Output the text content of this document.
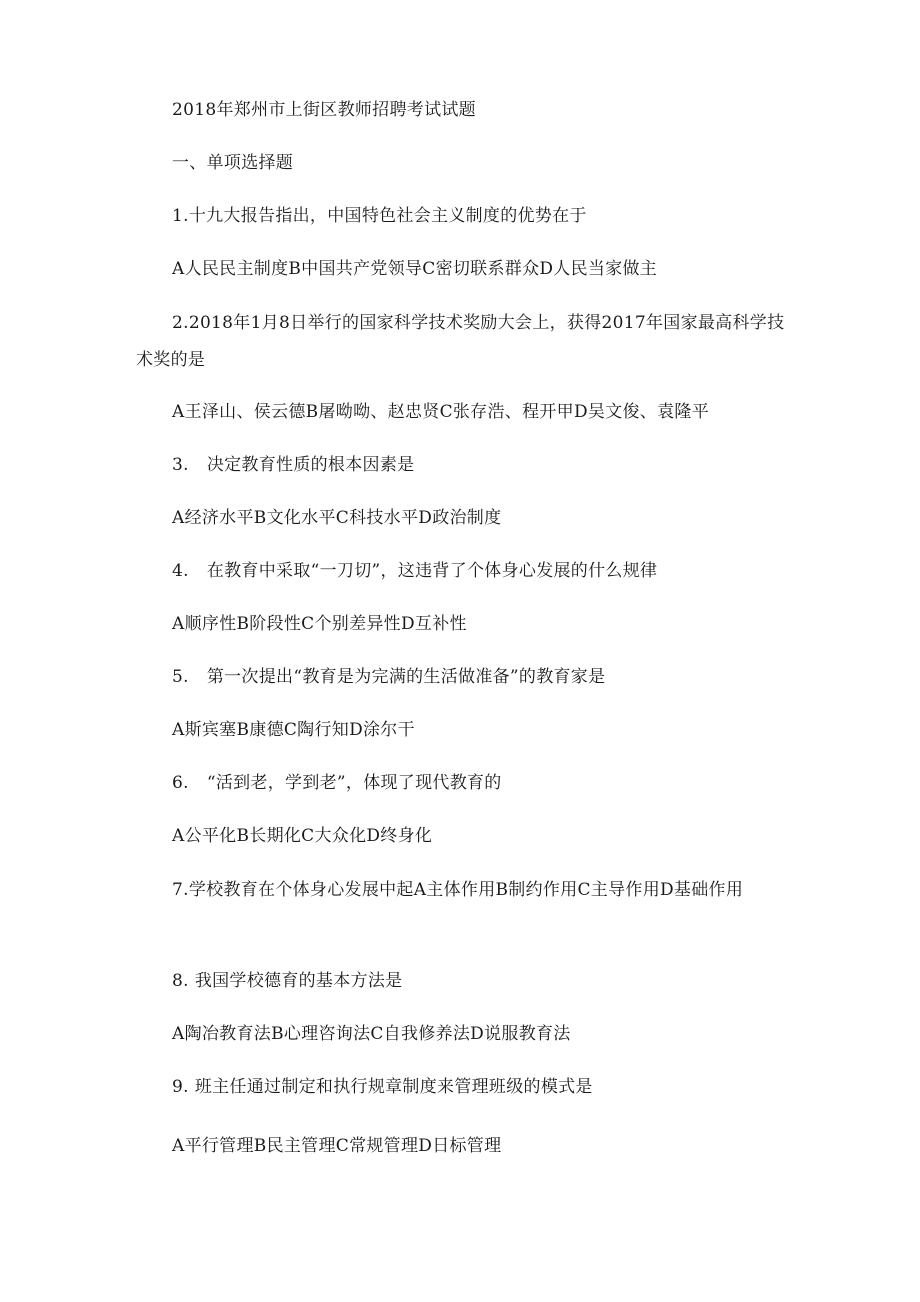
2018年郑州市上街区教师招聘考试试题
一、单项选择题
1.十九大报告指出，中国特色社会主义制度的优势在于
A人民民主制度B中国共产党领导C密切联系群众D人民当家做主
2.2018年1月8日举行的国家科学技术奖励大会上，获得2017年国家最高科学技术奖的是
A王泽山、侯云德B屠呦呦、赵忠贤C张存浩、程开甲D吴文俊、袁隆平
3. 决定教育性质的根本因素是
A经济水平B文化水平C科技水平D政治制度
4. 在教育中采取“一刀切”，这违背了个体身心发展的什么规律
A顺序性B阶段性C个别差异性D互补性
5. 第一次提出“教育是为完满的生活做准备”的教育家是
A斯宾塞B康德C陶行知D涂尔干
6. “活到老，学到老”，体现了现代教育的
A公平化B长期化C大众化D终身化
7.学校教育在个体身心发展中起A主体作用B制约作用C主导作用D基础作用
8. 我国学校德育的基本方法是
A陶冶教育法B心理咨询法C自我修养法D说服教育法
9. 班主任通过制定和执行规章制度来管理班级的模式是
A平行管理B民主管理C常规管理D日标管理
